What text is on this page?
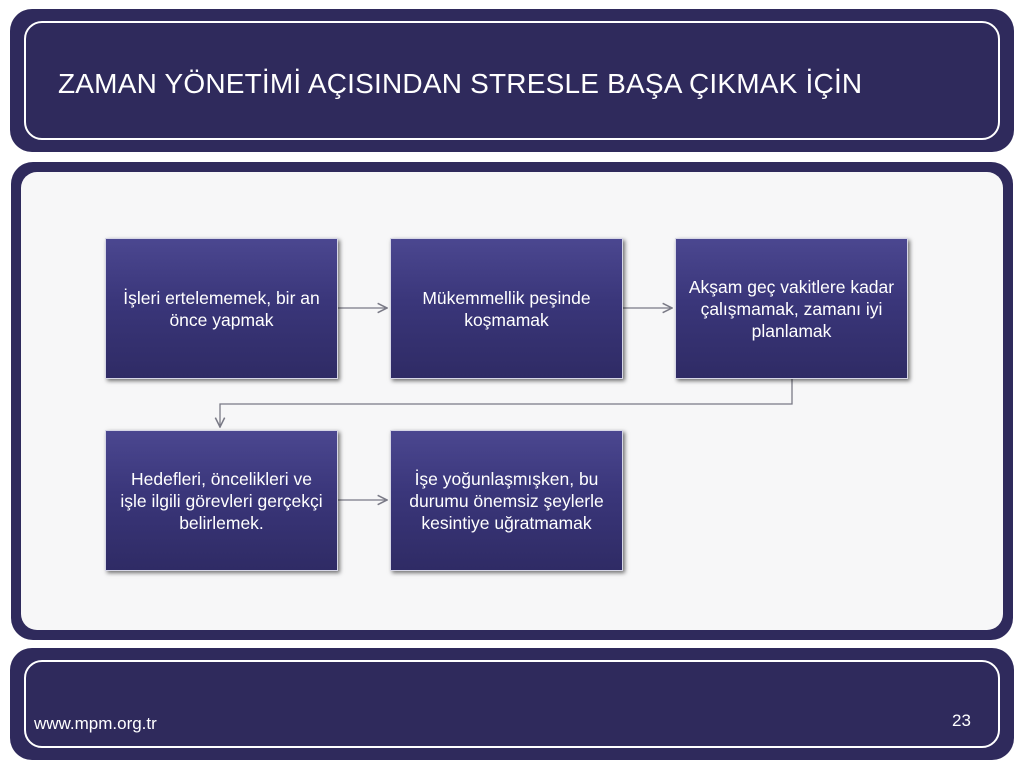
ZAMAN YÖNETİMİ AÇISINDAN STRESLE BAŞA ÇIKMAK İÇİN
İşleri ertelememek, bir an önce yapmak
Mükemmellik peşinde koşmamak
Akşam geç vakitlere kadar çalışmamak, zamanı iyi planlamak
Hedefleri, öncelikleri ve işle ilgili görevleri gerçekçi belirlemek.
İşe yoğunlaşmışken, bu durumu önemsiz şeylerle kesintiye uğratmamak
www.mpm.org.tr	23
